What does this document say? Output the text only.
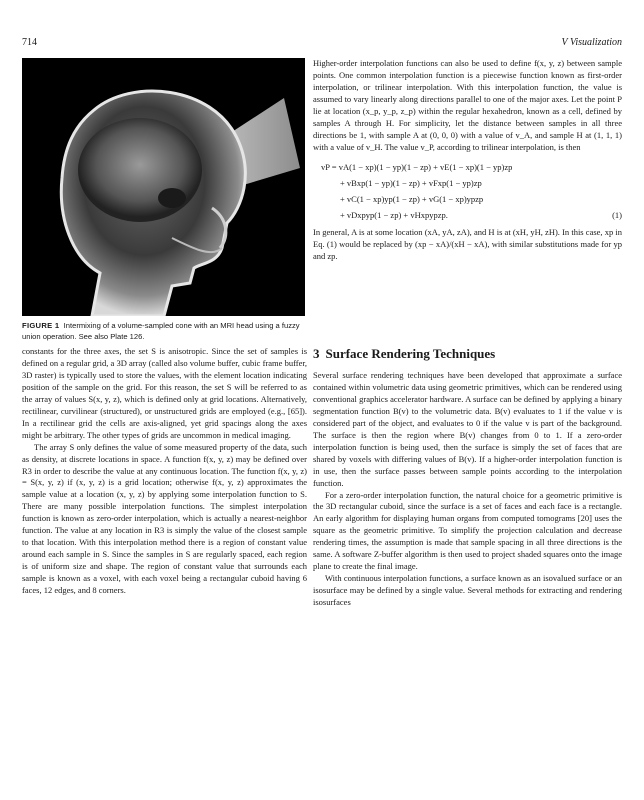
714	V Visualization
FIGURE 1 Intermixing of a volume-sampled cone with an MRI head using a fuzzy union operation. See also Plate 126.

Higher-order interpolation functions can also be used to define f(x, y, z) between sample points. One common interpolation function is a piecewise function known as first-order interpolation, or trilinear interpolation. With this interpolation function, the value is assumed to vary linearly along directions parallel to one of the major axes. Let the point P lie at location (x_p, y_p, z_p) within the regular hexahedron, known as a cell, defined by samples A through H. For simplicity, let the distance between samples in all three directions be 1, with sample A at (0, 0, 0) with a value of v_A, and sample H at (1, 1, 1) with a value of v_H. The value v_P, according to trilinear interpolation, is then

vP = vA(1 − xp)(1 − yp)(1 − zp) + vE(1 − xp)(1 − yp)zp
+ vBxp(1 − yp)(1 − zp) + vFxp(1 − yp)zp
+ vC(1 − xp)yp(1 − zp) + vG(1 − xp)ypzp
+ vDxpyp(1 − zp) + vHxpypzp.	(1)

In general, A is at some location (xA, yA, zA), and H is at (xH, yH, zH). In this case, xp in Eq. (1) would be replaced by (xp − xA)/(xH − xA), with similar substitutions made for yp and zp.

constants for the three axes, the set S is anisotropic. Since the set of samples is defined on a regular grid, a 3D array (called also volume buffer, cubic frame buffer, 3D raster) is typically used to store the values, with the element location indicating position of the sample on the grid. For this reason, the set S will be referred to as the array of values S(x, y, z), which is defined only at grid locations. Alternatively, rectilinear, curvilinear (structured), or unstructured grids are employed (e.g., [65]). In a rectilinear grid the cells are axis-aligned, yet grid spacings along the axes might be arbitrary. The other types of grids are uncommon in medical imaging.

The array S only defines the value of some measured property of the data, such as density, at discrete locations in space. A function f(x, y, z) may be defined over R3 in order to describe the value at any continuous location. The function f(x, y, z) = S(x, y, z) if (x, y, z) is a grid location; otherwise f(x, y, z) approximates the sample value at a location (x, y, z) by applying some interpolation function to S. There are many possible interpolation functions. The simplest interpolation function is known as zero-order interpolation, which is actually a nearest-neighbor function. The value at any location in R3 is simply the value of the closest sample to that location. With this interpolation method there is a region of constant value around each sample in S. Since the samples in S are regularly spaced, each region is of uniform size and shape. The region of constant value that surrounds each sample is known as a voxel, with each voxel being a rectangular cuboid having 6 faces, 12 edges, and 8 corners.

3 Surface Rendering Techniques

Several surface rendering techniques have been developed that approximate a surface contained within volumetric data using geometric primitives, which can be rendered using conventional graphics accelerator hardware. A surface can be defined by applying a binary segmentation function B(v) to the volumetric data. B(v) evaluates to 1 if the value v is considered part of the object, and evaluates to 0 if the value v is part of the background. The surface is then the region where B(v) changes from 0 to 1. If a zero-order interpolation function is being used, then the surface is simply the set of faces that are shared by voxels with differing values of B(v). If a higher-order interpolation function is in use, then the surface passes between sample points according to the interpolation function.

For a zero-order interpolation function, the natural choice for a geometric primitive is the 3D rectangular cuboid, since the surface is a set of faces and each face is a rectangle. An early algorithm for displaying human organs from computed tomograms [20] uses the square as the geometric primitive. To simplify the projection calculation and decrease rendering times, the assumption is made that sample spacing in all three directions is the same. A software Z-buffer algorithm is then used to project shaded squares onto the image plane to create the final image.

With continuous interpolation functions, a surface known as an isovalued surface or an isosurface may be defined by a single value. Several methods for extracting and rendering isosurfaces
